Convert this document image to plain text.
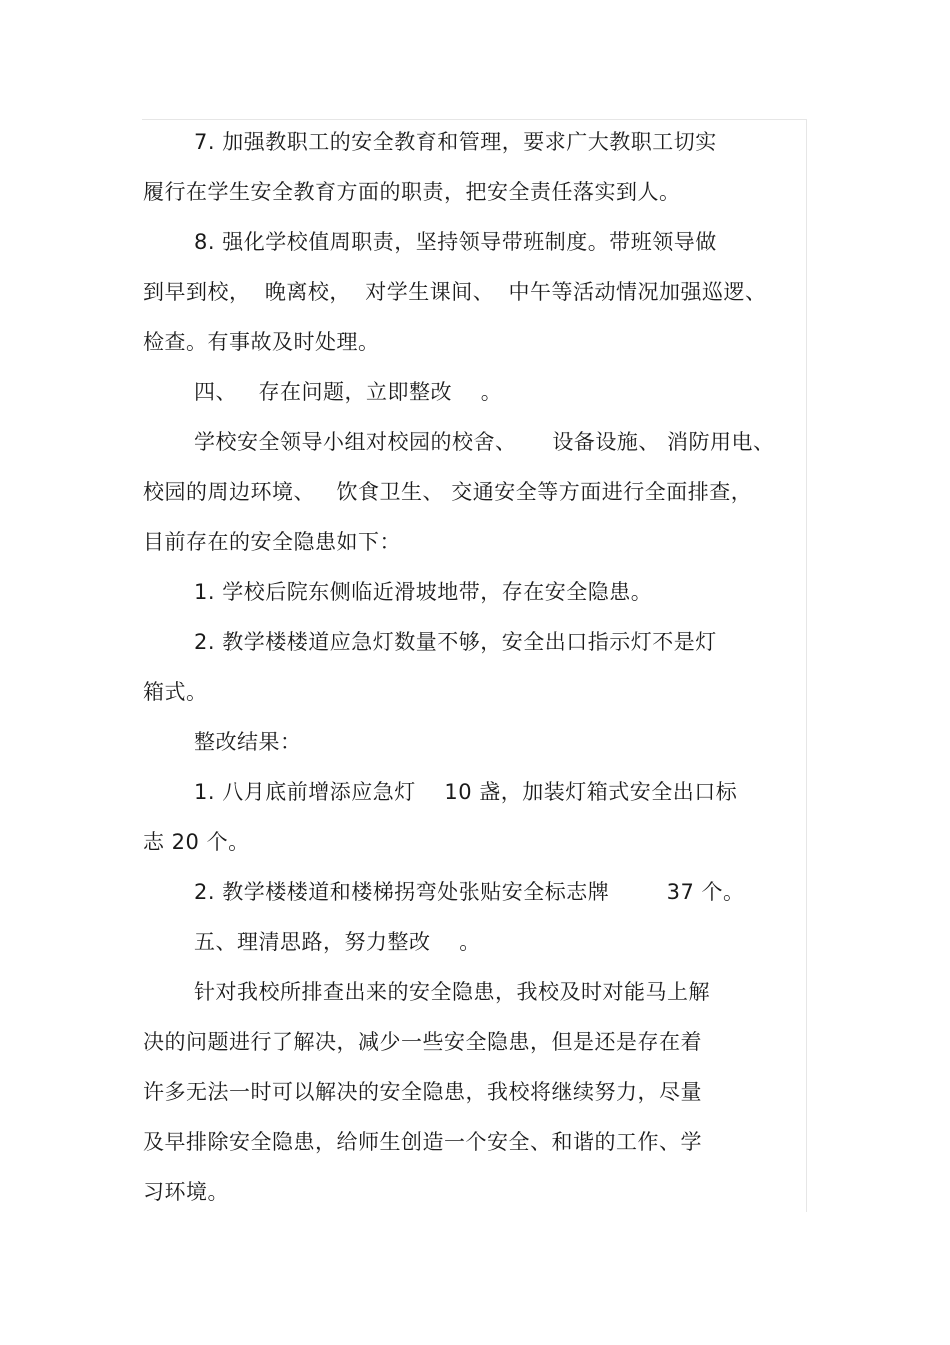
7. 加强教职工的安全教育和管理，要求广大教职工切实
履行在学生安全教育方面的职责，把安全责任落实到人。
8. 强化学校值周职责，坚持领导带班制度。带班领导做
到早到校，  晚离校，  对学生课间、  中午等活动情况加强巡逻、
检查。有事故及时处理。
四、   存在问题，立即整改    。
学校安全领导小组对校园的校舍、     设备设施、 消防用电、
校园的周边环境、   饮食卫生、 交通安全等方面进行全面排查，
目前存在的安全隐患如下：
1. 学校后院东侧临近滑坡地带，存在安全隐患。
2. 教学楼楼道应急灯数量不够，安全出口指示灯不是灯
箱式。
整改结果：
1. 八月底前增添应急灯    10 盏，加装灯箱式安全出口标
志 20 个。
2. 教学楼楼道和楼梯拐弯处张贴安全标志牌        37 个。
五、理清思路，努力整改    。
针对我校所排查出来的安全隐患，我校及时对能马上解
决的问题进行了解决，减少一些安全隐患，但是还是存在着
许多无法一时可以解决的安全隐患，我校将继续努力，尽量
及早排除安全隐患，给师生创造一个安全、和谐的工作、学
习环境。
